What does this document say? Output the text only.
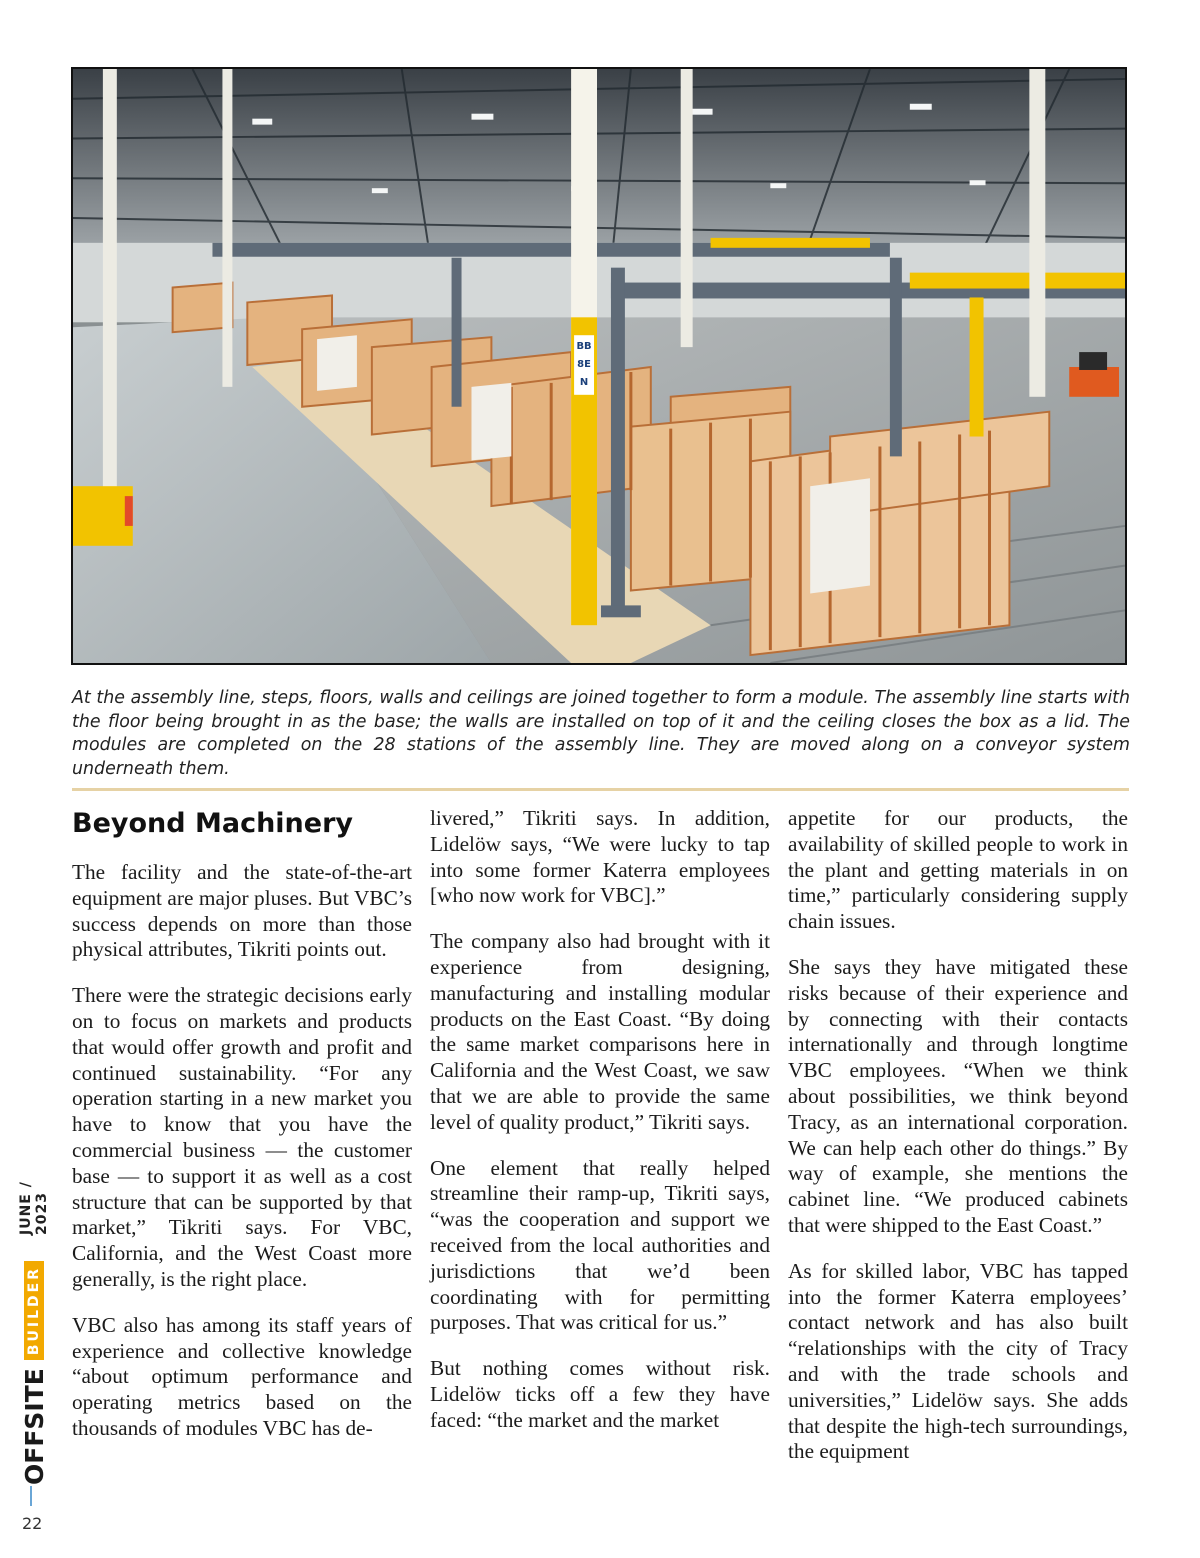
BB
8E
N
At the assembly line, steps, floors, walls and ceilings are joined together to form a module. The assembly line starts with the floor being brought in as the base; the walls are installed on top of it and the ceiling closes the box as a lid. The modules are completed on the 28 stations of the assembly line. They are moved along on a conveyor system underneath them.
Beyond Machinery

The facility and the state-of-the-art equipment are major pluses. But VBC’s success depends on more than those physical attributes, Tikriti points out.

There were the strategic decisions early on to focus on markets and products that would offer growth and profit and continued sustainability. “For any operation starting in a new market you have to know that you have the commercial business — the customer base — to support it as well as a cost structure that can be supported by that market,” Tikriti says. For VBC, California, and the West Coast more generally, is the right place.

VBC also has among its staff years of experience and collective knowledge “about optimum performance and operating metrics based on the thousands of modules VBC has de-

livered,” Tikriti says. In addition, Lidelöw says, “We were lucky to tap into some former Katerra employees [who now work for VBC].”

The company also had brought with it experience from designing, manufacturing and installing modular products on the East Coast. “By doing the same market comparisons here in California and the West Coast, we saw that we are able to provide the same level of quality product,” Tikriti says.

One element that really helped streamline their ramp-up, Tikriti says, “was the cooperation and support we received from the local authorities and jurisdictions that we’d been coordinating with for permitting purposes. That was critical for us.”

But nothing comes without risk. Lidelöw ticks off a few they have faced: “the market and the market

appetite for our products, the availability of skilled people to work in the plant and getting materials in on time,” particularly considering supply chain issues.

She says they have mitigated these risks because of their experience and by connecting with their contacts internationally and through longtime VBC employees. “When we think about possibilities, we think beyond Tracy, as an international corporation. We can help each other do things.” By way of example, she mentions the cabinet line. “We produced cabinets that were shipped to the East Coast.”

As for skilled labor, VBC has tapped into the former Katerra employees’ contact network and has also built “relationships with the city of Tracy and with the trade schools and universities,” Lidelöw says. She adds that despite the high-tech surroundings, the equipment

OFFSITE
BUILDER
JUNE / 2023
22
